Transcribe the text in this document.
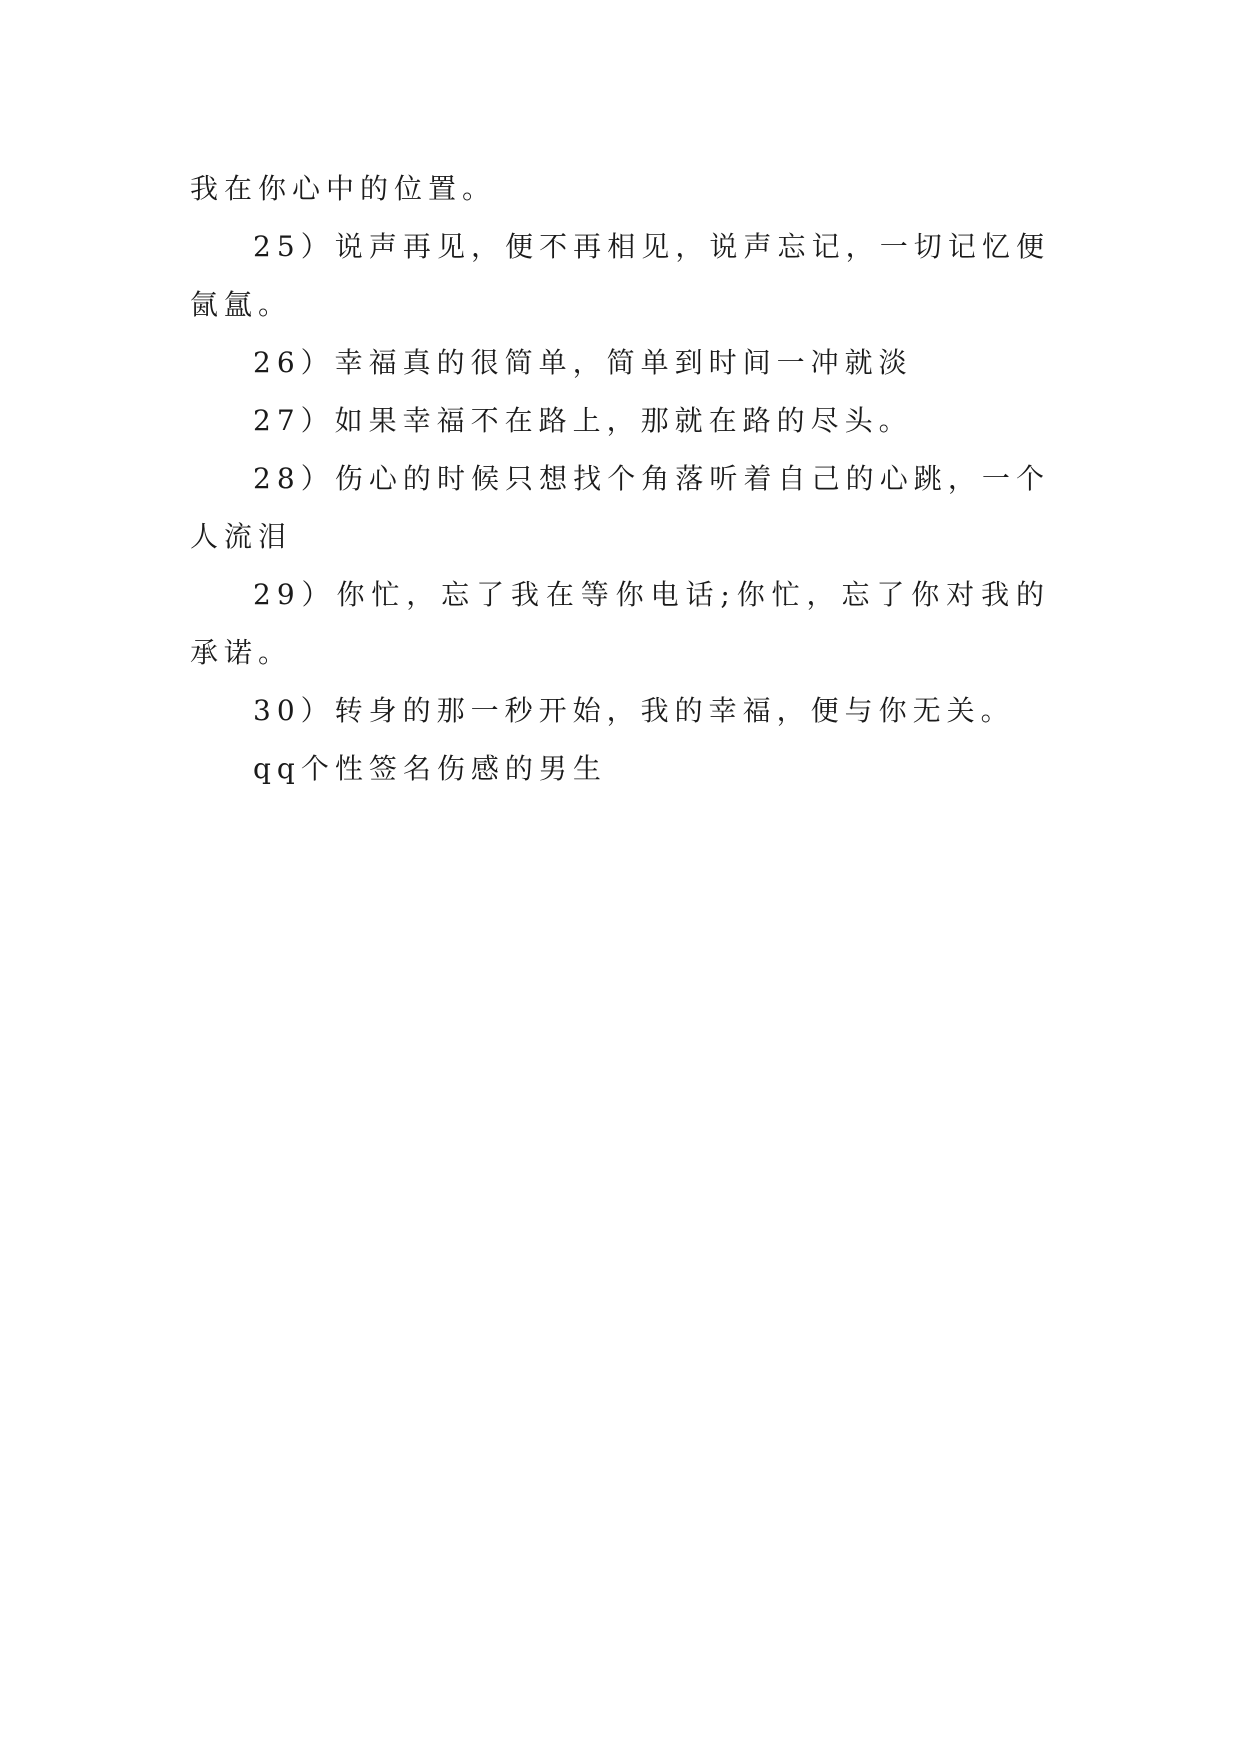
我在你心中的位置。

25）说声再见，便不再相见，说声忘记，一切记忆便氤氲。

26）幸福真的很简单，简单到时间一冲就淡

27）如果幸福不在路上，那就在路的尽头。

28）伤心的时候只想找个角落听着自己的心跳，一个人流泪

29）你忙，忘了我在等你电话;你忙，忘了你对我的承诺。

30）转身的那一秒开始，我的幸福，便与你无关。

qq个性签名伤感的男生
